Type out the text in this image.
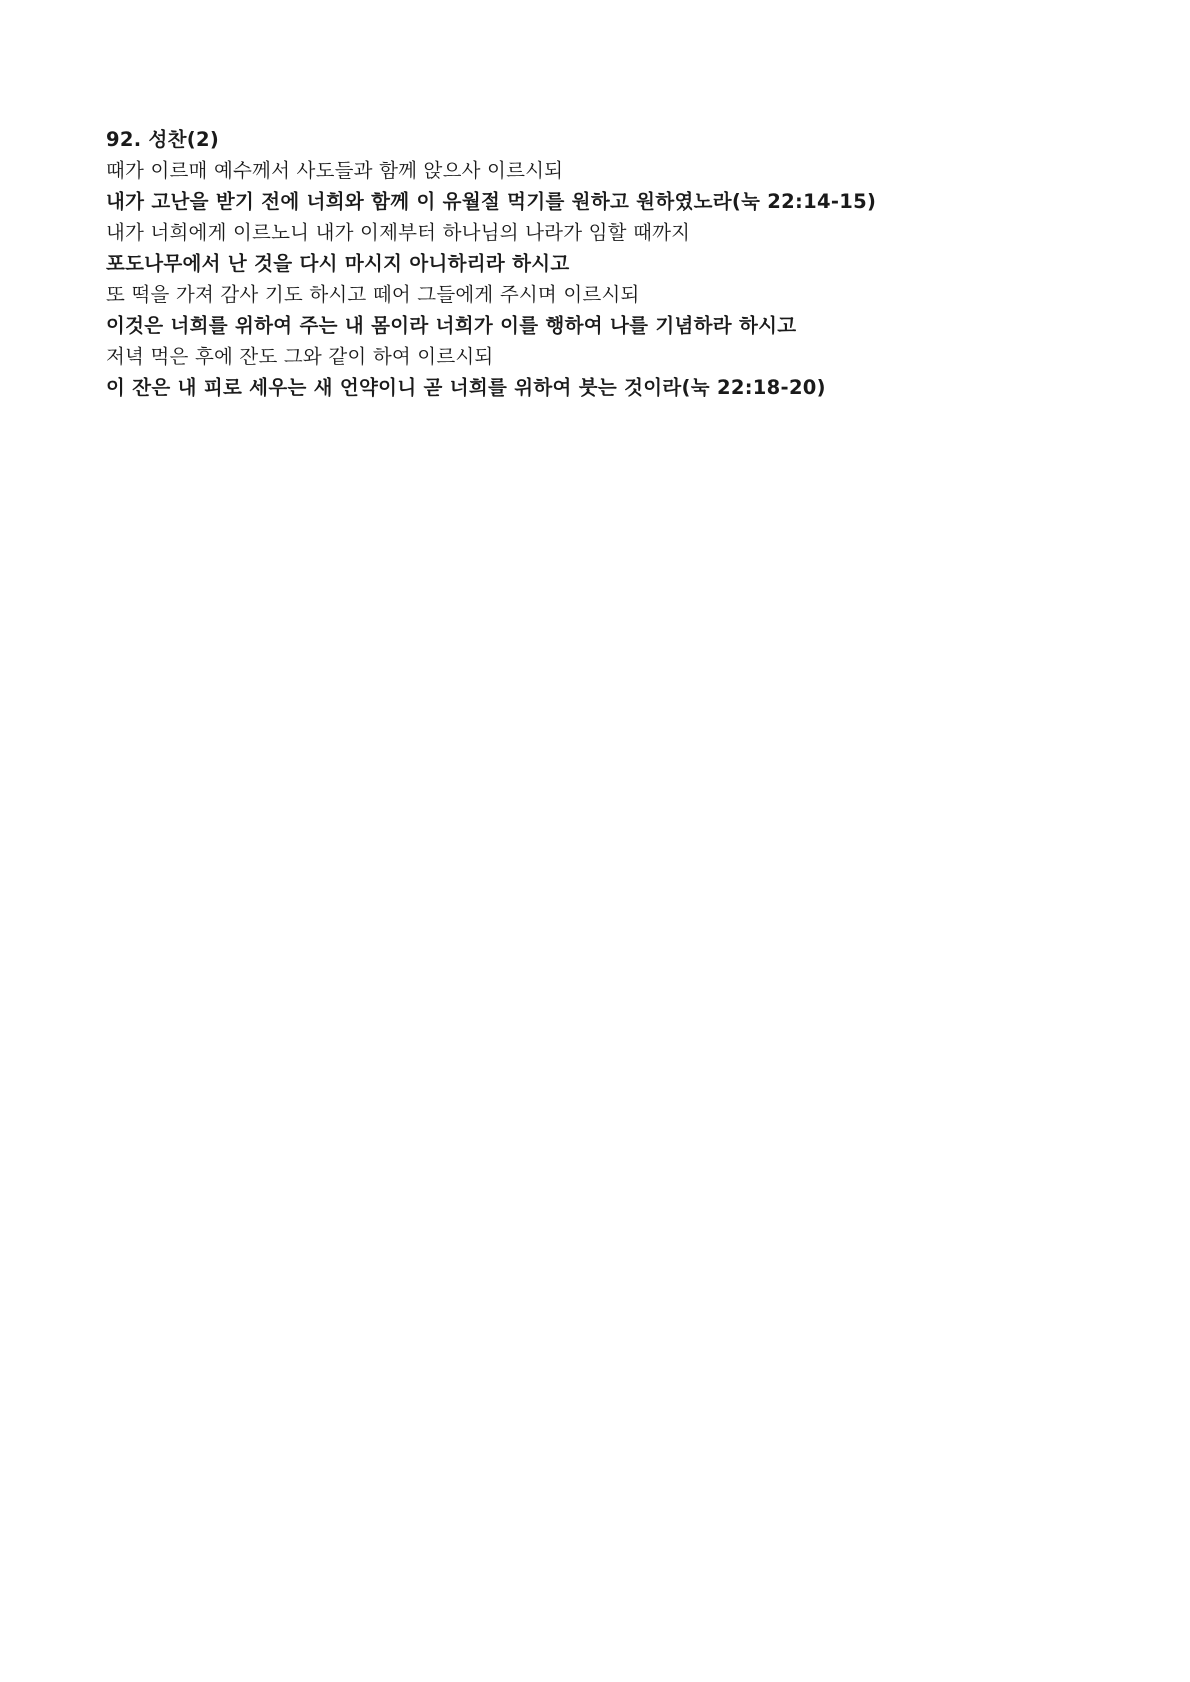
92. 성찬(2)
때가 이르매 예수께서 사도들과 함께 앉으사 이르시되
내가 고난을 받기 전에 너희와 함께 이 유월절 먹기를 원하고 원하였노라(눅 22:14-15)
내가 너희에게 이르노니 내가 이제부터 하나님의 나라가 임할 때까지
포도나무에서 난 것을 다시 마시지 아니하리라 하시고
또 떡을 가져 감사 기도 하시고 떼어 그들에게 주시며 이르시되
이것은 너희를 위하여 주는 내 몸이라 너희가 이를 행하여 나를 기념하라 하시고
저녁 먹은 후에 잔도 그와 같이 하여 이르시되
이 잔은 내 피로 세우는 새 언약이니 곧 너희를 위하여 붓는 것이라(눅 22:18-20)
